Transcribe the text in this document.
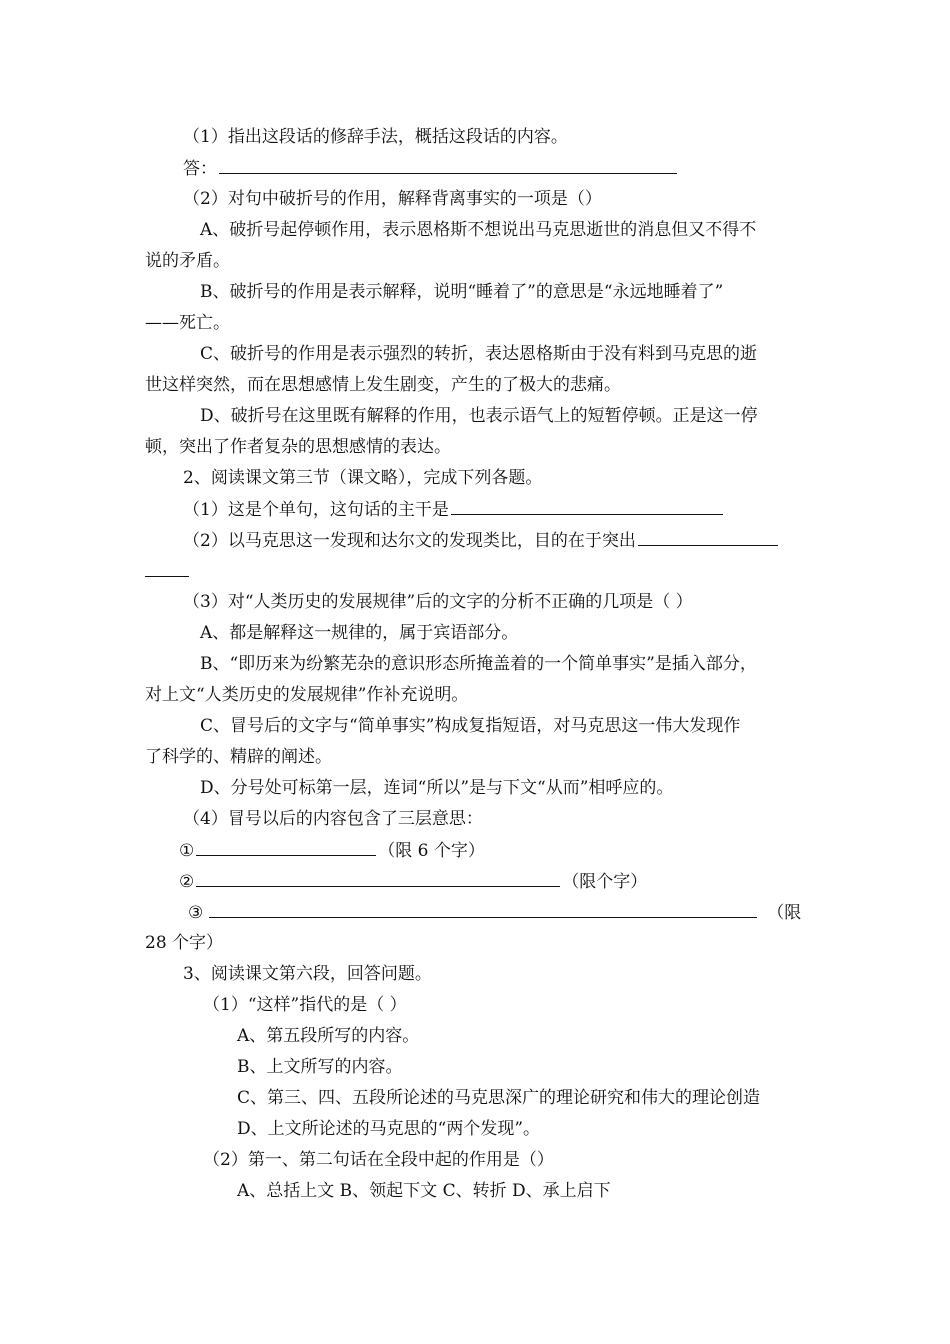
（1）指出这段话的修辞手法，概括这段话的内容。
答：
（2）对句中破折号的作用，解释背离事实的一项是（）
A、破折号起停顿作用，表示恩格斯不想说出马克思逝世的消息但又不得不
说的矛盾。
B、破折号的作用是表示解释，说明“睡着了”的意思是“永远地睡着了”
——死亡。
C、破折号的作用是表示强烈的转折，表达恩格斯由于没有料到马克思的逝
世这样突然，而在思想感情上发生剧变，产生的了极大的悲痛。
D、破折号在这里既有解释的作用，也表示语气上的短暂停顿。正是这一停
顿，突出了作者复杂的思想感情的表达。
2、阅读课文第三节（课文略），完成下列各题。
（1）这是个单句，这句话的主干是
（2）以马克思这一发现和达尔文的发现类比，目的在于突出
（3）对“人类历史的发展规律”后的文字的分析不正确的几项是（ ）
A、都是解释这一规律的，属于宾语部分。
B、“即历来为纷繁芜杂的意识形态所掩盖着的一个简单事实”是插入部分，
对上文“人类历史的发展规律”作补充说明。
C、冒号后的文字与“简单事实”构成复指短语，对马克思这一伟大发现作
了科学的、精辟的阐述。
D、分号处可标第一层，连词“所以”是与下文“从而”相呼应的。
（4）冒号以后的内容包含了三层意思：
①	（限 6 个字）
②	（限个字）
③	（限
28 个字）
3、阅读课文第六段，回答问题。
（1）“这样”指代的是（ ）
A、第五段所写的内容。
B、上文所写的内容。
C、第三、四、五段所论述的马克思深广的理论研究和伟大的理论创造
D、上文所论述的马克思的“两个发现”。
（2）第一、第二句话在全段中起的作用是（）
A、总括上文 B、领起下文 C、转折 D、承上启下
